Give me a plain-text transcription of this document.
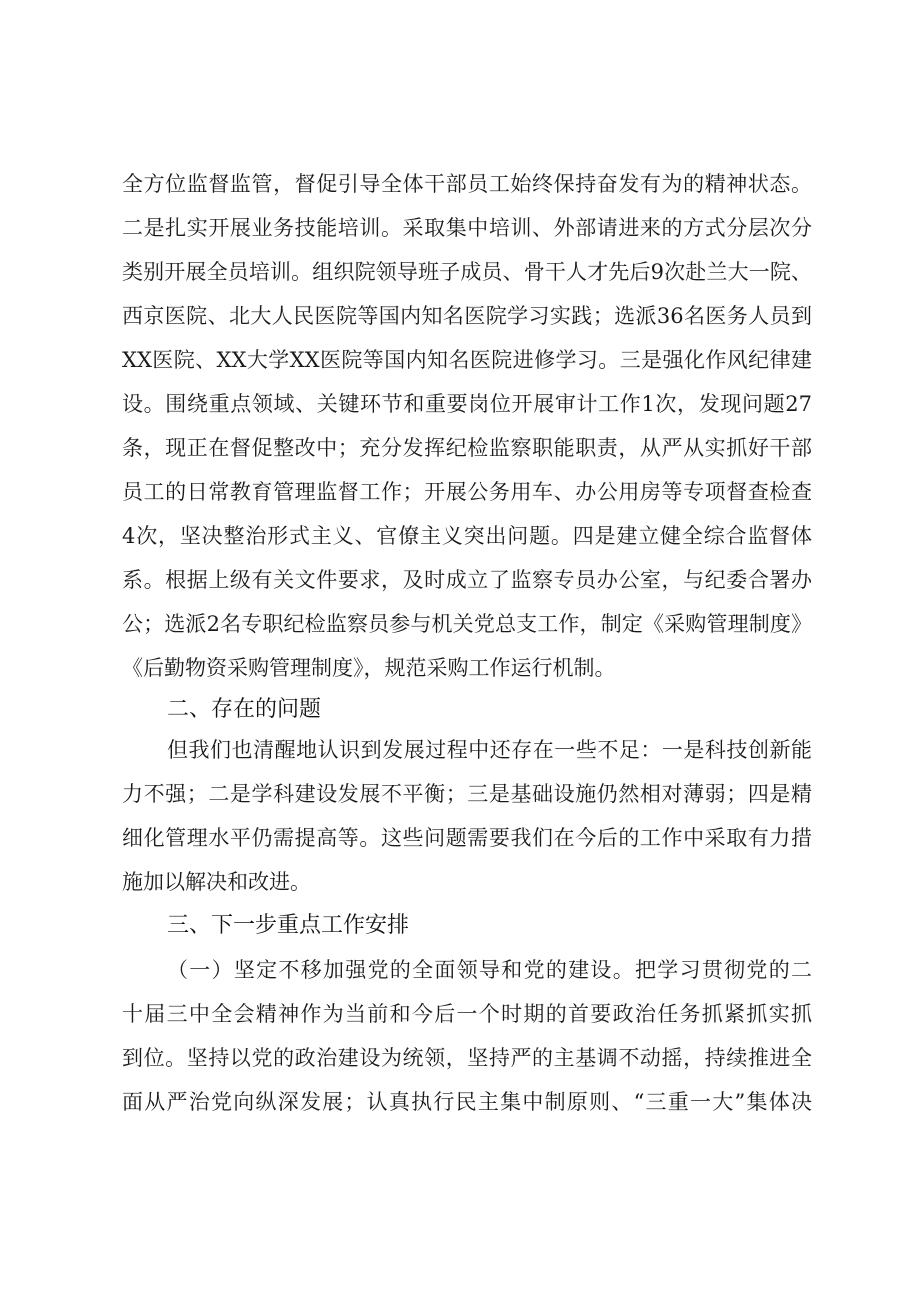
全方位监督监管，督促引导全体干部员工始终保持奋发有为的精神状态。
二是扎实开展业务技能培训。采取集中培训、外部请进来的方式分层次分
类别开展全员培训。组织院领导班子成员、骨干人才先后9次赴兰大一院、
西京医院、北大人民医院等国内知名医院学习实践；选派36名医务人员到
XX医院、XX大学XX医院等国内知名医院进修学习。三是强化作风纪律建
设。围绕重点领域、关键环节和重要岗位开展审计工作1次，发现问题27
条，现正在督促整改中；充分发挥纪检监察职能职责，从严从实抓好干部
员工的日常教育管理监督工作；开展公务用车、办公用房等专项督查检查
4次，坚决整治形式主义、官僚主义突出问题。四是建立健全综合监督体
系。根据上级有关文件要求，及时成立了监察专员办公室，与纪委合署办
公；选派2名专职纪检监察员参与机关党总支工作，制定《采购管理制度》
《后勤物资采购管理制度》，规范采购工作运行机制。
二、存在的问题
但我们也清醒地认识到发展过程中还存在一些不足：一是科技创新能
力不强；二是学科建设发展不平衡；三是基础设施仍然相对薄弱；四是精
细化管理水平仍需提高等。这些问题需要我们在今后的工作中采取有力措
施加以解决和改进。
三、下一步重点工作安排
（一）坚定不移加强党的全面领导和党的建设。把学习贯彻党的二
十届三中全会精神作为当前和今后一个时期的首要政治任务抓紧抓实抓
到位。坚持以党的政治建设为统领，坚持严的主基调不动摇，持续推进全
面从严治党向纵深发展；认真执行民主集中制原则、“三重一大”集体决
